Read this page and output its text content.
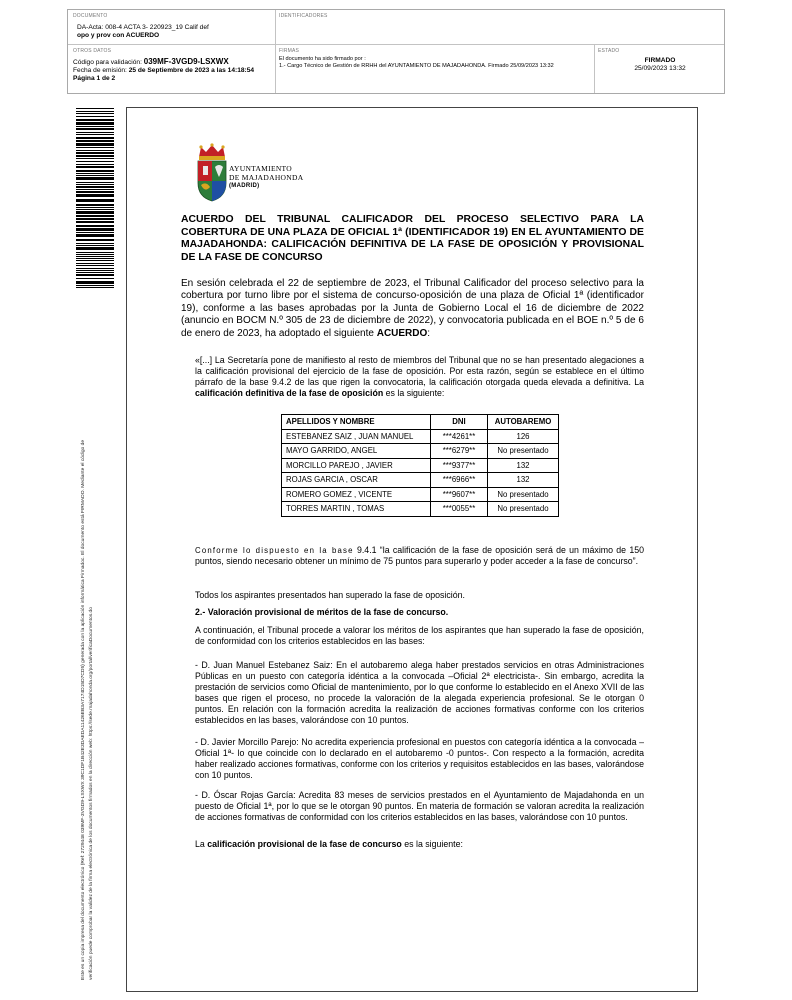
DOCUMENTO
DA-Acta: 008-4 ACTA 3- 220923_19 Calif def
opo y prov con ACUERDO
IDENTIFICADORES
OTROS DATOS
Código para validación: 039MF-3VGD9-LSXWX
Fecha de emisión: 25 de Septiembre de 2023 a las 14:18:54
Página 1 de 2
FIRMAS
El documento ha sido firmado por :
1.- Cargo Técnico de Gestión de RRHH del AYUNTAMIENTO DE MAJADAHONDA. Firmado 25/09/2023 13:32
ESTADO
FIRMADO
25/09/2023 13:32
Este es un copia impresa del documento electrónico (Ref: 2729448 039MF-3VGD9-LSXWX 39C1DF1B42E3DAEDA11426EB3A7174D15D7CD5) generada con la aplicación informática Firmadoc. El documento está FIRMADO. Mediante el código de verificación puede comprobar la validez de la firma electrónica de los documentos firmados en la dirección web: https://sede.majadahonda.org/portal/verificaDocumentos.do
AYUNTAMIENTO
DE MAJADAHONDA
(MADRID)
ACUERDO DEL TRIBUNAL CALIFICADOR DEL PROCESO SELECTIVO PARA LA COBERTURA DE UNA PLAZA DE OFICIAL 1ª (IDENTIFICADOR 19) EN EL AYUNTAMIENTO DE MAJADAHONDA: CALIFICACIÓN DEFINITIVA DE LA FASE DE OPOSICIÓN Y PROVISIONAL DE LA FASE DE CONCURSO
En sesión celebrada el 22 de septiembre de 2023, el Tribunal Calificador del proceso selectivo para la cobertura por turno libre por el sistema de concurso-oposición de una plaza de Oficial 1ª (identificador 19), conforme a las bases aprobadas por la Junta de Gobierno Local el 16 de diciembre de 2022 (anuncio en BOCM N.º 305 de 23 de diciembre de 2022), y convocatoria publicada en el BOE n.º 5 de 6 de enero de 2023, ha adoptado el siguiente ACUERDO:
«[...] La Secretaría pone de manifiesto al resto de miembros del Tribunal que no se han presentado alegaciones a la calificación provisional del ejercicio de la fase de oposición. Por esta razón, según se establece en el último párrafo de la base 9.4.2 de las que rigen la convocatoria, la calificación otorgada queda elevada a definitiva. La calificación definitiva de la fase de oposición es la siguiente:
APELLIDOS Y NOMBRE	DNI	AUTOBAREMO
ESTEBANEZ SAIZ , JUAN MANUEL	***4261**	126
MAYO GARRIDO, ANGEL	***6279**	No presentado
MORCILLO PAREJO , JAVIER	***9377**	132
ROJAS GARCIA , OSCAR	***6966**	132
ROMERO GOMEZ , VICENTE	***9607**	No presentado
TORRES MARTIN , TOMAS	***0055**	No presentado
Conforme lo dispuesto en la base 9.4.1 “la calificación de la fase de oposición será de un máximo de 150 puntos, siendo necesario obtener un mínimo de 75 puntos para superarlo y poder acceder a la fase de concurso”.
Todos los aspirantes presentados han superado la fase de oposición.
2.- Valoración provisional de méritos de la fase de concurso.
A continuación, el Tribunal procede a valorar los méritos de los aspirantes que han superado la fase de oposición, de conformidad con los criterios establecidos en las bases:
- D. Juan Manuel Estebanez Saiz: En el autobaremo alega haber prestados servicios en otras Administraciones Públicas en un puesto con categoría idéntica a la convocada –Oficial 2ª electricista-. Sin embargo, acredita la prestación de servicios como Oficial de mantenimiento, por lo que conforme lo establecido en el Anexo XVII de las bases que rigen el proceso, no procede la valoración de la alegada experiencia profesional. Se le otorgan 0 puntos. En relación con la formación acredita la realización de acciones formativas conforme con los criterios establecidos en las bases, valorándose con 10 puntos.
- D. Javier Morcillo Parejo: No acredita experiencia profesional en puestos con categoría idéntica a la convocada –Oficial 1ª- lo que coincide con lo declarado en el autobaremo -0 puntos-. Con respecto a la formación, acredita haber realizado acciones formativas, conforme con los criterios y requisitos establecidos en las bases, valorándose con 10 puntos.
- D. Óscar Rojas García: Acredita 83 meses de servicios prestados en el Ayuntamiento de Majadahonda en un puesto de Oficial 1ª, por lo que se le otorgan 90 puntos. En materia de formación se valoran acredita la realización de acciones formativas de conformidad con los criterios establecidos en las bases, valorándose con 10 puntos.
La calificación provisional de la fase de concurso es la siguiente:
